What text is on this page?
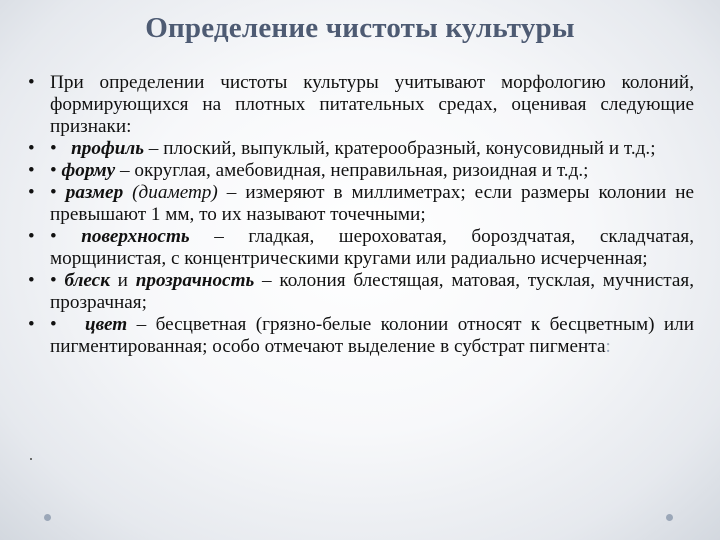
Определение чистоты культуры
• При определении чистоты культуры учитывают морфологию колоний, формирующихся на плотных питательных средах, оценивая следующие признаки:
• • профиль – плоский, выпуклый, кратерообразный, конусовидный и т.д.;
• • форму – округлая, амебовидная, неправильная, ризоидная и т.д.;
• • размер (диаметр) – измеряют в миллиметрах; если размеры колонии не превышают 1 мм, то их называют точечными;
• • поверхность – гладкая, шероховатая, бороздчатая, складчатая, морщинистая, с концентрическими кругами или радиально исчерченная;
• • блеск и прозрачность – колония блестящая, матовая, тусклая, мучнистая, прозрачная;
• • цвет – бесцветная (грязно-белые колонии относят к бесцветным) или пигментированная; особо отмечают выделение в субстрат пигмента:
